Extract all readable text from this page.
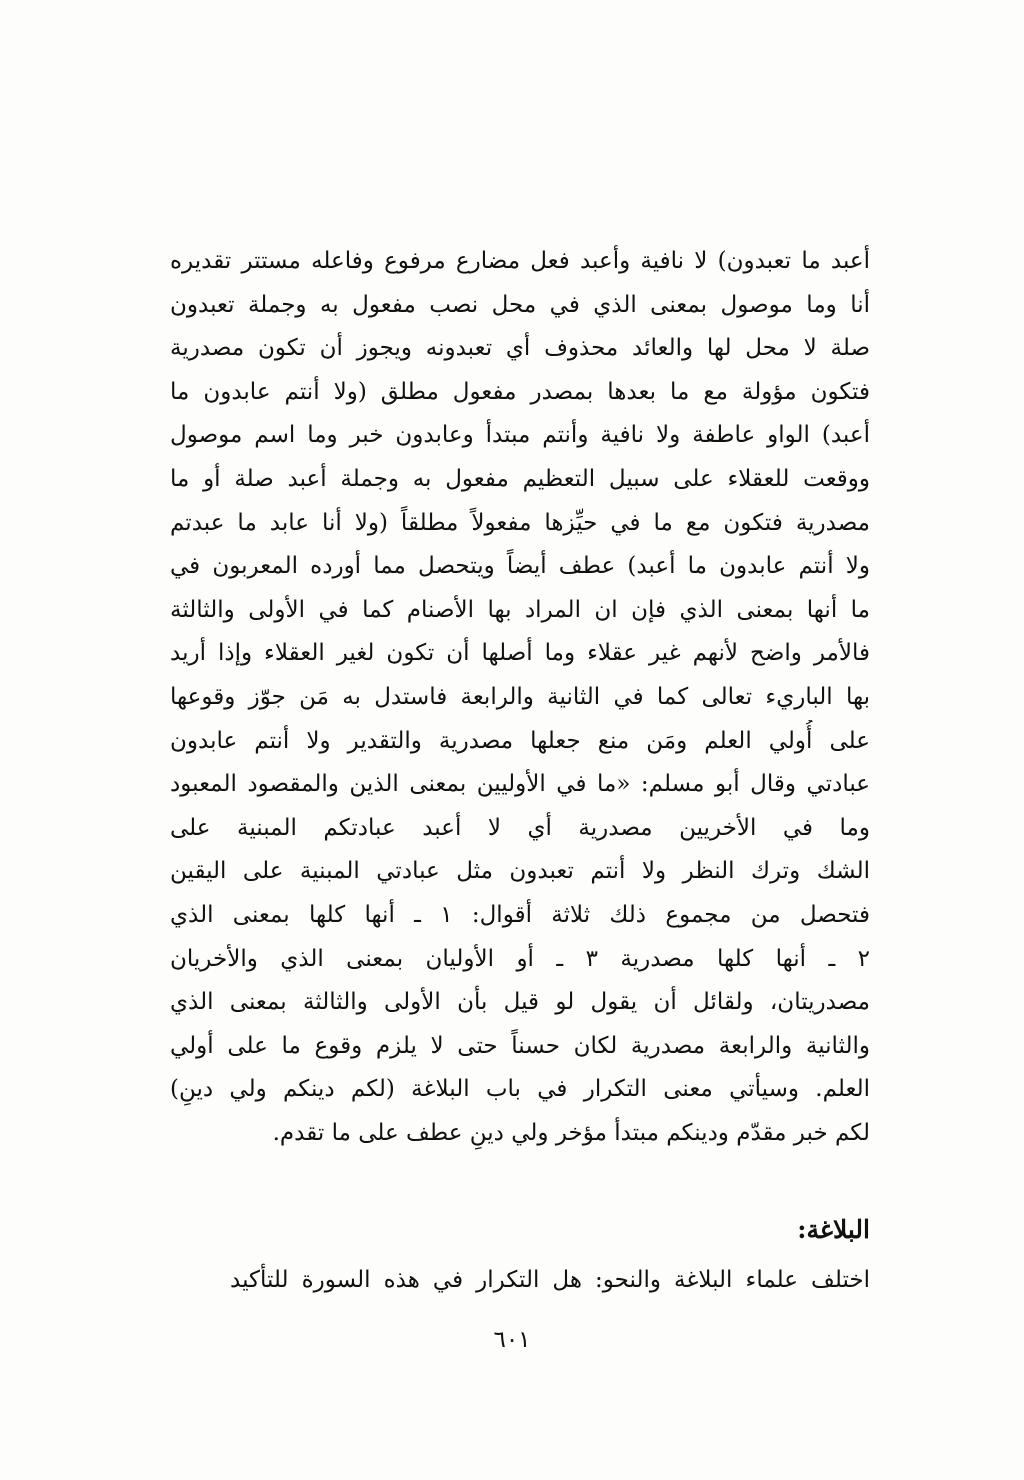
أعبد ما تعبدون) لا نافية وأعبد فعل مضارع مرفوع وفاعله مستتر تقديره
أنا وما موصول بمعنى الذي في محل نصب مفعول به وجملة تعبدون
صلة لا محل لها والعائد محذوف أي تعبدونه ويجوز أن تكون مصدرية
فتكون مؤولة مع ما بعدها بمصدر مفعول مطلق (ولا أنتم عابدون ما
أعبد) الواو عاطفة ولا نافية وأنتم مبتدأ وعابدون خبر وما اسم موصول
ووقعت للعقلاء على سبيل التعظيم مفعول به وجملة أعبد صلة أو ما
مصدرية فتكون مع ما في حيِّزها مفعولاً مطلقاً (ولا أنا عابد ما عبدتم
ولا أنتم عابدون ما أعبد) عطف أيضاً ويتحصل مما أورده المعربون في
ما أنها بمعنى الذي فإن ان المراد بها الأصنام كما في الأولى والثالثة
فالأمر واضح لأنهم غير عقلاء وما أصلها أن تكون لغير العقلاء وإذا أريد
بها الباريء تعالى كما في الثانية والرابعة فاستدل به مَن جوّز وقوعها
على أُولي العلم ومَن منع جعلها مصدرية والتقدير ولا أنتم عابدون
عبادتي وقال أبو مسلم: «ما في الأوليين بمعنى الذين والمقصود المعبود
وما في الأخريين مصدرية أي لا أعبد عبادتكم المبنية على
الشك وترك النظر ولا أنتم تعبدون مثل عبادتي المبنية على اليقين
فتحصل من مجموع ذلك ثلاثة أقوال: ١ ـ أنها كلها بمعنى الذي
٢ ـ أنها كلها مصدرية ٣ ـ أو الأوليان بمعنى الذي والأخريان
مصدريتان، ولقائل أن يقول لو قيل بأن الأولى والثالثة بمعنى الذي
والثانية والرابعة مصدرية لكان حسناً حتى لا يلزم وقوع ما على أولي
العلم. وسيأتي معنى التكرار في باب البلاغة (لكم دينكم ولي دينِ)
لكم خبر مقدّم ودينكم مبتدأ مؤخر ولي دينِ عطف على ما تقدم.
البلاغة:
اختلف علماء البلاغة والنحو: هل التكرار في هذه السورة للتأكيد
٦٠١
